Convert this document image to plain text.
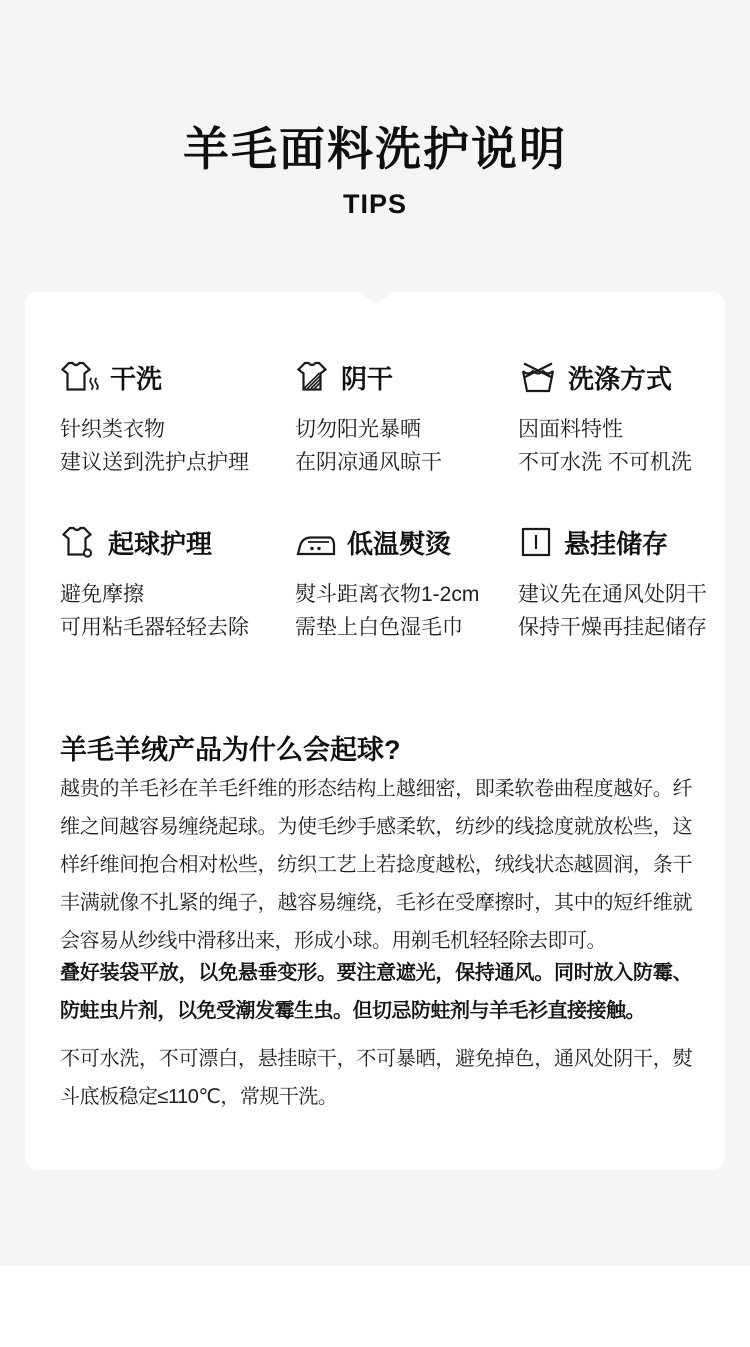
羊毛面料洗护说明
TIPS
干洗
针织类衣物
建议送到洗护点护理
阴干
切勿阳光暴晒
在阴凉通风晾干
洗涤方式
因面料特性
不可水洗 不可机洗
起球护理
避免摩擦
可用粘毛器轻轻去除
低温熨烫
熨斗距离衣物1-2cm
需垫上白色湿毛巾
悬挂储存
建议先在通风处阴干
保持干燥再挂起储存
羊毛羊绒产品为什么会起球?
越贵的羊毛衫在羊毛纤维的形态结构上越细密，即柔软卷曲程度越好。纤维之间越容易缠绕起球。为使毛纱手感柔软，纺纱的线捻度就放松些，这样纤维间抱合相对松些，纺织工艺上若捻度越松，绒线状态越圆润，条干丰满就像不扎紧的绳子，越容易缠绕，毛衫在受摩擦时，其中的短纤维就会容易从纱线中滑移出来，形成小球。用剃毛机轻轻除去即可。
叠好装袋平放，以免悬垂变形。要注意遮光，保持通风。同时放入防霉、防蛀虫片剂，以免受潮发霉生虫。但切忌防蛀剂与羊毛衫直接接触。
不可水洗，不可漂白，悬挂晾干，不可暴晒，避免掉色，通风处阴干，熨斗底板稳定≤110℃，常规干洗。
